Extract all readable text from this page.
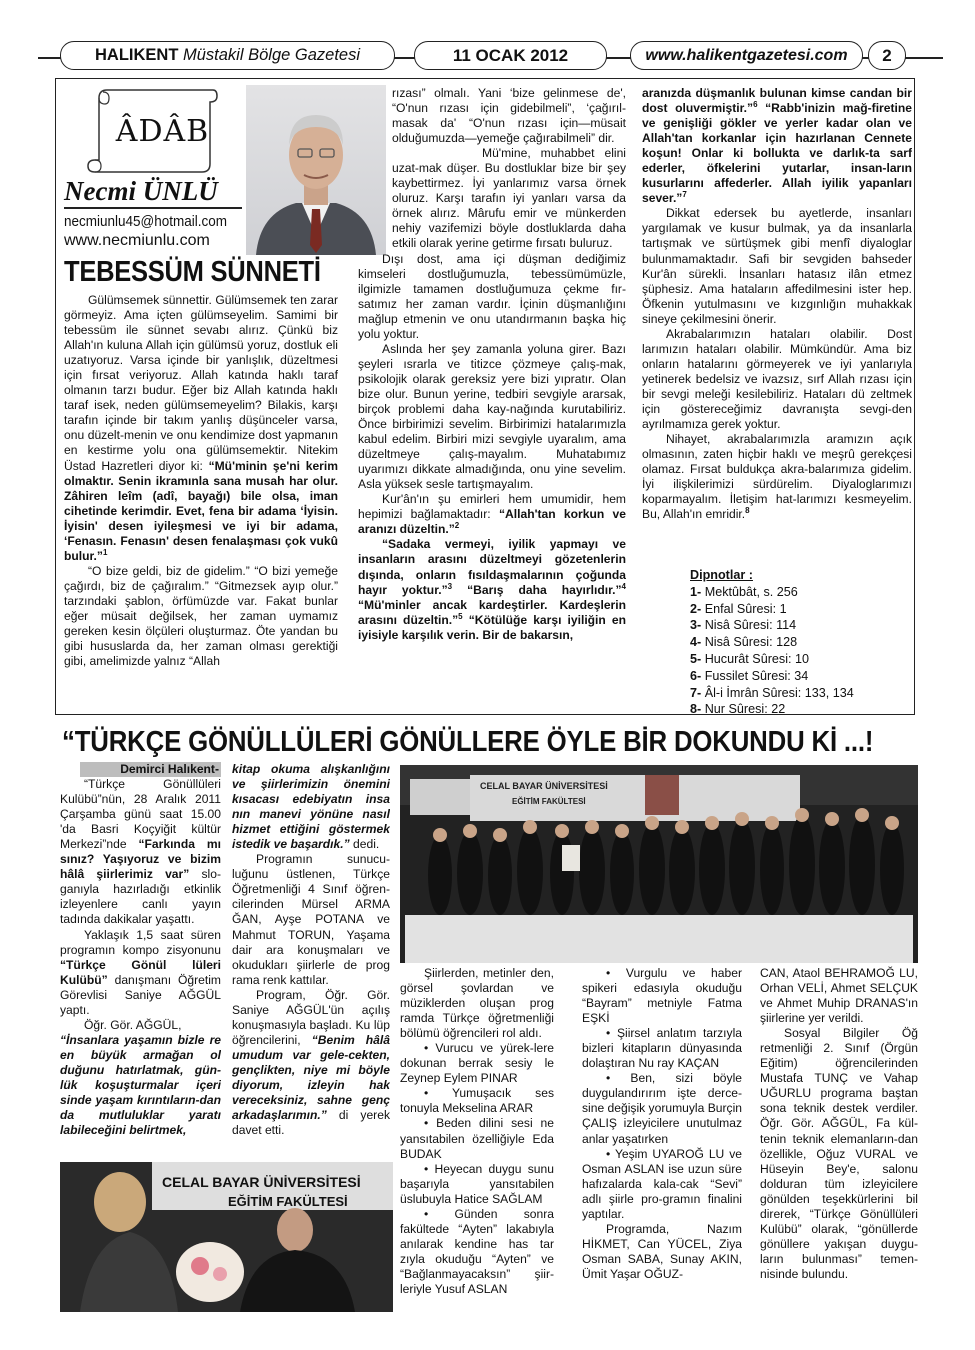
HALIKENT
Müstakil Bölge Gazetesi	11 OCAK 2012	www.halikentgazetesi.com 2
ÂDÂB
Necmi ÜNLÜ
necmiunlu45@hotmail.com
www.necmiunlu.com
TEBESSÜM SÜNNETİ

Gülümsemek sünnettir. Gülümsemek ten zarar görmeyiz. Ama içten gülümseyelim. Samimi bir tebessüm ile sünnet sevabı alırız. Çünkü biz Allah'ın kuluna Allah için gülümsü yoruz, dostluk eli uzatıyoruz. Varsa içinde bir yanlışlık, düzeltmesi için fırsat veriyoruz. Allah katında haklı taraf olmanın tarzı budur. Eğer biz Allah katında haklı taraf isek, neden gülümsemeyelim? Bilakis, karşı tarafın içinde bir takım yanlış düşünceler varsa, onu düzelt-menin ve onu kendimize dost yapmanın en kestirme yolu ona gülümsemektir. Nitekim Üstad Hazretleri diyor ki: “Mü'minin şe'ni kerim olmaktır. Senin ikramınla sana musah har olur. Zâhiren leîm (adî, bayağı) bile olsa, iman cihetinde kerimdir. Evet, fena bir adama ‘İyisin. İyisin' desen iyileşmesi ve iyi bir adama, ‘Fenasın. Fenasın' desen fenalaşması çok vukû bulur.”$^1$

“O bize geldi, biz de gidelim.” “O bizi yemeğe çağırdı, biz de çağıralım.” “Gitmezsek ayıp olur.” tarzındaki şablon, örfümüzde var. Fakat bunlar eğer müsait değilsek, her zaman uymamız gereken kesin ölçüleri oluşturmaz. Öte yandan bu gibi hususlarda da, her zaman olması gerektiği gibi, amelimizde yalnız “Allah

rızası” olmalı. Yani ‘bize gelinmese de', “O'nun rızası için gidebilmeli”, ‘çağırıl-masak da' “O'nun rızası için—müsait olduğumuzda—yemeğe çağırabilmeli” dir.

Mü'mine, muhabbet elini uzat-mak düşer. Bu dostluklar bize bir şey kaybettirmez. İyi yanlarımız varsa örnek oluruz. Karşı tarafın iyi yanları varsa da örnek alırız. Mârufu emir ve münkerden nehiy vazifemizi böyle dostluklarda daha etkili olarak yerine getirme fırsatı buluruz.

Dışı dost, ama içi düşman dediğimiz kimseleri dostluğumuzla, tebessümümüzle, ilgimizle tamamen dostluğumuza çekme fır-satımız her zaman vardır. İçinin düşmanlığını mağlup etmenin ve onu utandırmanın başka hiç yolu yoktur.

Aslında her şey zamanla yoluna girer. Bazı şeyleri ısrarla ve titizce çözmeye çalış-mak, psikolojik olarak gereksiz yere bizi yıpratır. Olan bize olur. Bunun yerine, tedbiri sevgiyle ararsak, birçok problemi daha kay-nağında kurutabiliriz. Önce birbirimizi sevelim. Birbirimizi hatalarımızla kabul edelim. Birbiri mizi sevgiyle uyaralım, ama düzeltmeye çalış-mayalım. Muhatabımız uyarımızı dikkate almadığında, onu yine sevelim. Asla yüksek sesle tartışmayalım.

Kur'ân'ın şu emirleri hem umumidir, hem hepimizi bağlamaktadır: “Allah'tan korkun ve aranızı düzeltin.”$^2$

“Sadaka vermeyi, iyilik yapmayı ve insanların arasını düzeltmeyi gözetenlerin dışında, onların fısıldaşmalarının çoğunda hayır yoktur.”$^3$ “Barış daha hayırlıdır.”$^4$ “Mü'minler ancak kardeştirler. Kardeşlerin arasını düzeltin.”$^5$ “Kötülüğe karşı iyiliğin en iyisiyle karşılık verin. Bir de bakarsın,

aranızda düşmanlık bulunan kimse candan bir dost oluvermiştir.”$^6$ “Rabb'inizin mağ-firetine ve genişliği gökler ve yerler kadar olan ve Allah'tan korkanlar için hazırlanan Cennete koşun! Onlar ki bollukta ve darlık-ta sarf ederler, öfkelerini yutarlar, insan-ların kusurlarını affederler. Allah iyilik yapanları sever.”$^7$

Dikkat edersek bu ayetlerde, insanları yargılamak ve kusur bulmak, ya da insanlarla tartışmak ve sürtüşmek gibi menfî diyaloglar bulunmamaktadır. Safi bir sevgiden bahseder Kur'ân sürekli. İnsanları hatasız ilân etmez şüphesiz. Ama hataların affedilmesini ister hep. Öfkenin yutulmasını ve kızgınlığın muhakkak sineye çekilmesini önerir.

Akrabalarımızın hataları olabilir. Dost larımızın hataları olabilir. Mümkündür. Ama biz onların hatalarını görmeyerek ve iyi yanlarıyla yetinerek bedelsiz ve ivazsız, sırf Allah rızası için bir sevgi meleği kesilebiliriz. Hataları dü zeltmek için göstereceğimiz davranışta sevgi-den ayrılmamıza gerek yoktur.

Nihayet, akrabalarımızla aramızın açık olmasının, zaten hiçbir haklı ve meşrû gerekçesi olamaz. Fırsat buldukça akra-balarımıza gidelim. İyi ilişkilerimizi sürdürelim. Diyaloglarımızı koparmayalım. İletişim hat-larımızı kesmeyelim. Bu, Allah'ın emridir.$^8$

Dipnotlar :
1- Mektûbât, s. 256
2- Enfal Sûresi: 1
3- Nisâ Sûresi: 114
4- Nisâ Sûresi: 128
5- Hucurât Sûresi: 10
6- Fussilet Sûresi: 34
7- Âl-i İmrân Sûresi: 133, 134
8- Nur Sûresi: 22
“TÜRKÇE GÖNÜLLÜLERİ GÖNÜLLERE ÖYLE BİR DOKUNDU Kİ ...!
Demirci Halıkent-

“Türkçe Gönüllüleri Kulübü”nün, 28 Aralık 2011 Çarşamba günü saat 15.00 'da Basri Koçyiğit kültür Merkezi”nde “Farkında mı sınız? Yaşıyoruz ve bizim hâlâ şiirlerimiz var” slo-ganıyla hazırladığı etkinlik izleyenlere canlı yayın tadında dakikalar yaşattı.

Yaklaşık 1,5 saat süren programın kompo zisyonunu “Türkçe Gönül lüleri Kulübü” danışmanı Öğretim Görevlisi Saniye AĞGÜL yaptı.

Öğr. Gör. AĞGÜL,

“İnsanlara yaşamın bizle re en büyük armağan ol duğunu hatırlatmak, gün-lük koşuşturmalar içeri sinde yaşam kırıntıların-dan da mutluluklar yaratı labileceğini belirtmek,

kitap okuma alışkanlığını ve şiirlerimizin önemini kısacası edebiyatın insa nın manevi yönüne nasıl hizmet ettiğini göstermek istedik ve başardık.” dedi.

Programın sunucu-luğunu üstlenen, Türkçe Öğretmenliği 4 Sınıf öğren-cilerinden Mürsel ARMA ĞAN, Ayşe POTANA ve Mahmut TORUN, Yaşama dair ara konuşmaları ve okudukları şiirlerle de prog rama renk kattılar.

Program, Öğr. Gör. Saniye AĞGÜL'ün açılış konuşmasıyla başladı. Ku lüp öğrencilerini, “Benim hâlâ umudum var gele-cekten, gençlikten, niye mi böyle diyorum, izleyin hak vereceksiniz, sahne genç arkadaşlarımın.” di yerek davet etti.

CELAL BAYAR ÜNİVERSİTESİ
EĞİTİM FAKÜLTESİ
CELAL BAYAR ÜNİVERSİTESİ
EĞİTİM FAKÜLTESİ

Şiirlerden, metinler den, görsel şovlardan ve müziklerden oluşan prog ramda Türkçe öğretmenliği bölümü öğrencileri rol aldı.

• Vurucu ve yürek-lere dokunan berrak sesiy le Zeynep Eylem PINAR

• Yumuşacık ses tonuyla Mekselina ARAR

• Beden dilini sesi ne yansıtabilen özelliğiyle Eda BUDAK

• Heyecan duygu sunu başarıyla yansıtabilen üslubuyla Hatice SAĞLAM

• Günden sonra fakültede “Ayten” lakabıyla anılarak kendine has tar zıyla okuduğu “Ayten” ve “Bağlanmayacaksın” şiir-leriyle Yusuf ASLAN

• Vurgulu ve haber spikeri edasıyla okuduğu “Bayram” metniyle Fatma EŞKİ

• Şiirsel anlatım tarzıyla bizleri kitapların dünyasında dolaştıran Nu ray KAÇAN

• Ben, sizi böyle duygulandırırım işte derce-sine değişik yorumuyla Burçin ÇALIŞ izleyicilere unutulmaz anlar yaşatırken

• Yeşim UYAROĞ LU ve Osman ASLAN ise uzun süre hafızalarda kala-cak “Sevi” adlı şiirle pro-gramın finalini yaptılar.

Programda, Nazım HİKMET, Can YÜCEL, Ziya Osman SABA, Sunay AKIN, Ümit Yaşar OĞUZ-

CAN, Ataol BEHRAMOĞ LU, Orhan VELİ, Ahmet SELÇUK ve Ahmet Muhip DRANAS'ın şiirlerine yer verildi.

Sosyal Bilgiler Öğ retmenliği 2. Sınıf (Örgün Eğitim) öğrencilerinden Mustafa TUNÇ ve Vahap UĞURLU programa baştan sona teknik destek verdiler. Öğr. Gör. AĞGÜL, Fa kül-tenin teknik elemanların-dan özellikle, Oğuz VURAL ve Hüseyin Bey'e, salonu dolduran tüm izleyicilere gönülden teşekkürlerini bil direrek, “Türkçe Gönüllüleri Kulübü” olarak, “gönüllerde gönüllere yakışan duygu-ların bulunması” temen-nisinde bulundu.
